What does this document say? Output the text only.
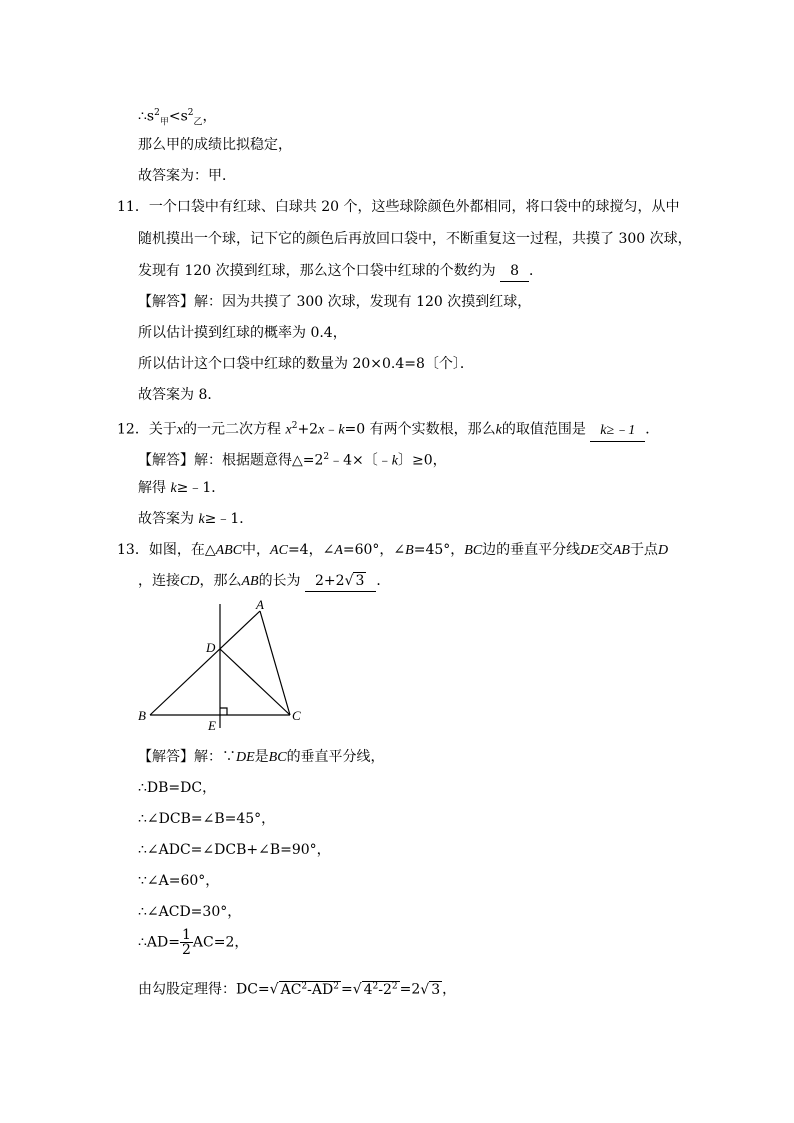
$\therefore s^2_甲<s^2_乙$，
那么甲的成绩比拟稳定，
故答案为：甲．
11．一个口袋中有红球、白球共 20 个，这些球除颜色外都相同，将口袋中的球搅匀，从中
随机摸出一个球，记下它的颜色后再放回口袋中，不断重复这一过程，共摸了 300 次球，
发现有 120 次摸到红球，那么这个口袋中红球的个数约为 8 ．
【解答】解：因为共摸了 300 次球，发现有 120 次摸到红球，
所以估计摸到红球的概率为 0.4，
所以估计这个口袋中红球的数量为 20×0.4=8〔个〕．
故答案为 8．
12．关于x的一元二次方程 $x^2+2x﹣k=0$ 有两个实数根，那么k的取值范围是 k≥﹣1 ．
【解答】解：根据题意得$\triangle=2^2﹣4\times$〔﹣k〕≥0，
解得 k≥﹣1．
故答案为 k≥﹣1．
13．如图，在△ABC中，AC=4，∠A=60°，∠B=45°，BC边的垂直平分线DE交AB于点D
，连接CD，那么AB的长为 2+2√ 3 ．
A
B	C
D
E
【解答】解：∵DE是BC的垂直平分线，
∴DB=DC，
∴∠DCB=∠B=45°，
∴∠ADC=∠DCB+∠B=90°，
∵∠A=60°，
∴∠ACD=30°，
∴AD= $\frac{1}{2} AC=2$，
由勾股定理得：DC=√ $AC^2-AD^2$ =√ $4^2-2^2 =2√$ 3 ，
